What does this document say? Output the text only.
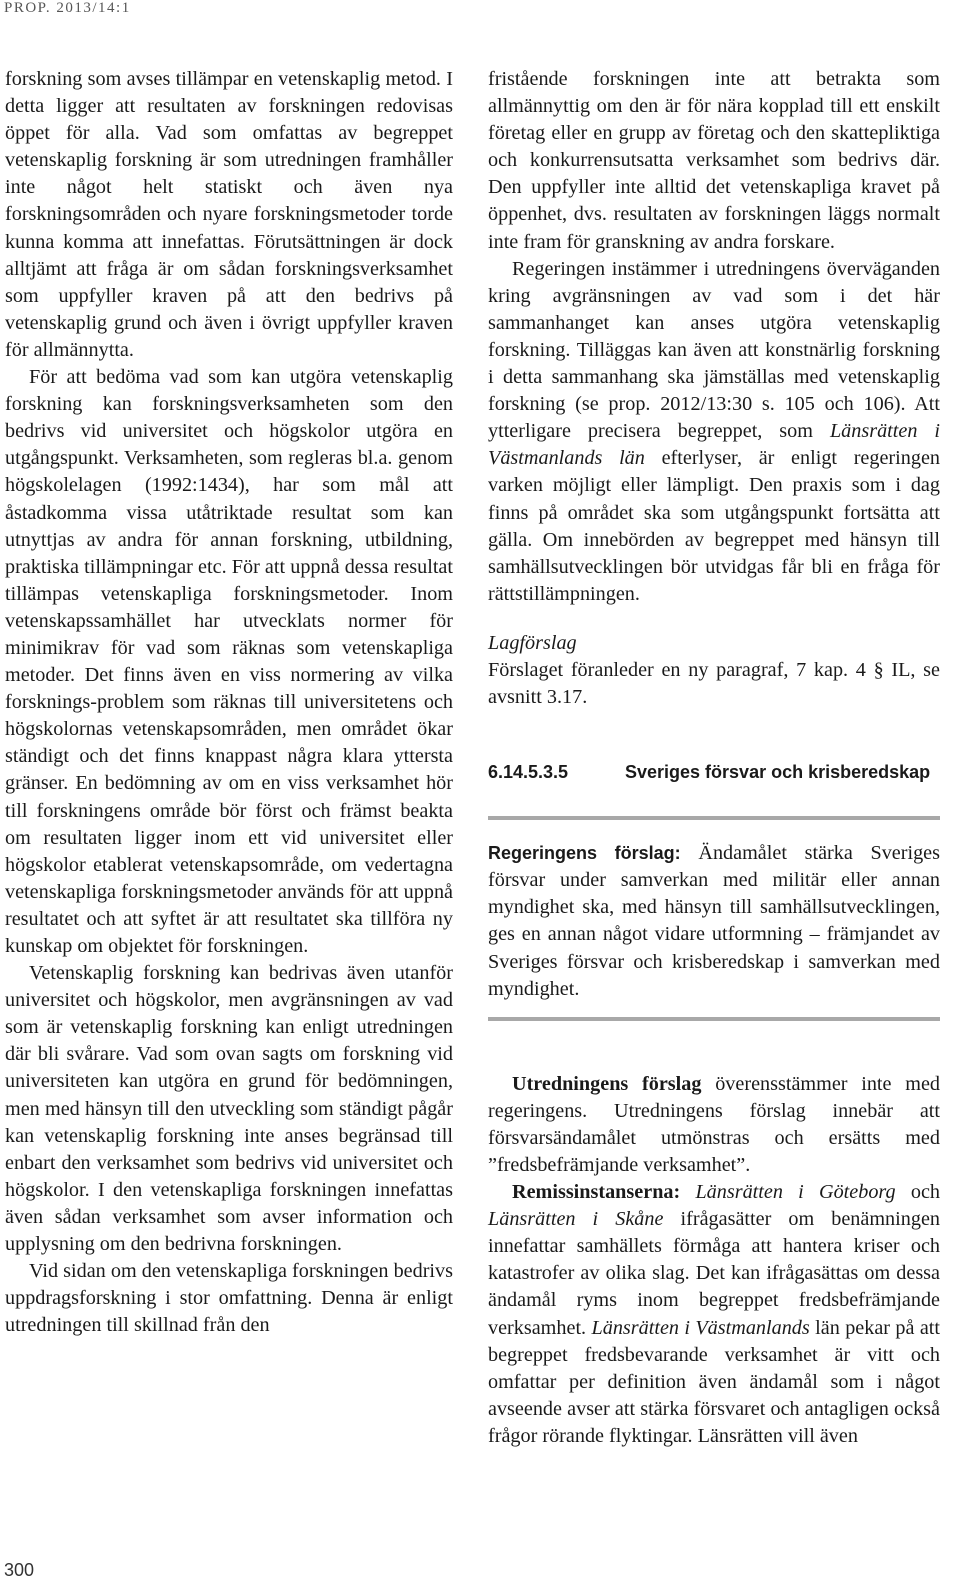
PROP. 2013/14:1

forskning som avses tillämpar en vetenskaplig metod. I detta ligger att resultaten av forskningen redovisas öppet för alla. Vad som omfattas av begreppet vetenskaplig forskning är som utredningen framhåller inte något helt statiskt och även nya forskningsområden och nyare forskningsmetoder torde kunna komma att innefattas. Förutsättningen är dock alltjämt att fråga är om sådan forskningsverksamhet som uppfyller kraven på att den bedrivs på vetenskaplig grund och även i övrigt uppfyller kraven för allmännytta.

För att bedöma vad som kan utgöra vetenskaplig forskning kan forskningsverksamheten som den bedrivs vid universitet och högskolor utgöra en utgångspunkt. Verksamheten, som regleras bl.a. genom högskolelagen (1992:1434), har som mål att åstadkomma vissa utåtriktade resultat som kan utnyttjas av andra för annan forskning, utbildning, praktiska tillämpningar etc. För att uppnå dessa resultat tillämpas vetenskapliga forskningsmetoder. Inom vetenskapssamhället har utvecklats normer för minimikrav för vad som räknas som vetenskapliga metoder. Det finns även en viss normering av vilka forsknings-problem som räknas till universitetens och högskolornas vetenskapsområden, men området ökar ständigt och det finns knappast några klara yttersta gränser. En bedömning av om en viss verksamhet hör till forskningens område bör först och främst beakta om resultaten ligger inom ett vid universitet eller högskolor etablerat vetenskapsområde, om vedertagna vetenskapliga forskningsmetoder används för att uppnå resultatet och att syftet är att resultatet ska tillföra ny kunskap om objektet för forskningen.

Vetenskaplig forskning kan bedrivas även utanför universitet och högskolor, men avgränsningen av vad som är vetenskaplig forskning kan enligt utredningen där bli svårare. Vad som ovan sagts om forskning vid universiteten kan utgöra en grund för bedömningen, men med hänsyn till den utveckling som ständigt pågår kan vetenskaplig forskning inte anses begränsad till enbart den verksamhet som bedrivs vid universitet och högskolor. I den vetenskapliga forskningen innefattas även sådan verksamhet som avser information och upplysning om den bedrivna forskningen.

Vid sidan om den vetenskapliga forskningen bedrivs uppdragsforskning i stor omfattning. Denna är enligt utredningen till skillnad från den

fristående forskningen inte att betrakta som allmännyttig om den är för nära kopplad till ett enskilt företag eller en grupp av företag och den skattepliktiga och konkurrensutsatta verksamhet som bedrivs där. Den uppfyller inte alltid det vetenskapliga kravet på öppenhet, dvs. resultaten av forskningen läggs normalt inte fram för granskning av andra forskare.

Regeringen instämmer i utredningens överväganden kring avgränsningen av vad som i det här sammanhanget kan anses utgöra vetenskaplig forskning. Tilläggas kan även att konstnärlig forskning i detta sammanhang ska jämställas med vetenskaplig forskning (se prop. 2012/13:30 s. 105 och 106). Att ytterligare precisera begreppet, som Länsrätten i Västmanlands län efterlyser, är enligt regeringen varken möjligt eller lämpligt. Den praxis som i dag finns på området ska som utgångspunkt fortsätta att gälla. Om innebörden av begreppet med hänsyn till samhällsutvecklingen bör utvidgas får bli en fråga för rättstillämpningen.

Lagförslag

Förslaget föranleder en ny paragraf, 7 kap. 4 § IL, se avsnitt 3.17.

6.14.5.3.5	Sveriges försvar och krisberedskap

Regeringens förslag: Ändamålet stärka Sveriges försvar under samverkan med militär eller annan myndighet ska, med hänsyn till samhällsutvecklingen, ges en annan något vidare utformning – främjandet av Sveriges försvar och krisberedskap i samverkan med myndighet.

Utredningens förslag överensstämmer inte med regeringens. Utredningens förslag innebär att försvarsändamålet utmönstras och ersätts med ”fredsbefrämjande verksamhet”.

Remissinstanserna: Länsrätten i Göteborg och Länsrätten i Skåne ifrågasätter om benämningen innefattar samhällets förmåga att hantera kriser och katastrofer av olika slag. Det kan ifrågasättas om dessa ändamål ryms inom begreppet fredsbefrämjande verksamhet. Länsrätten i Västmanlands län pekar på att begreppet fredsbevarande verksamhet är vitt och omfattar per definition även ändamål som i något avseende avser att stärka försvaret och antagligen också frågor rörande flyktingar. Länsrätten vill även

300
